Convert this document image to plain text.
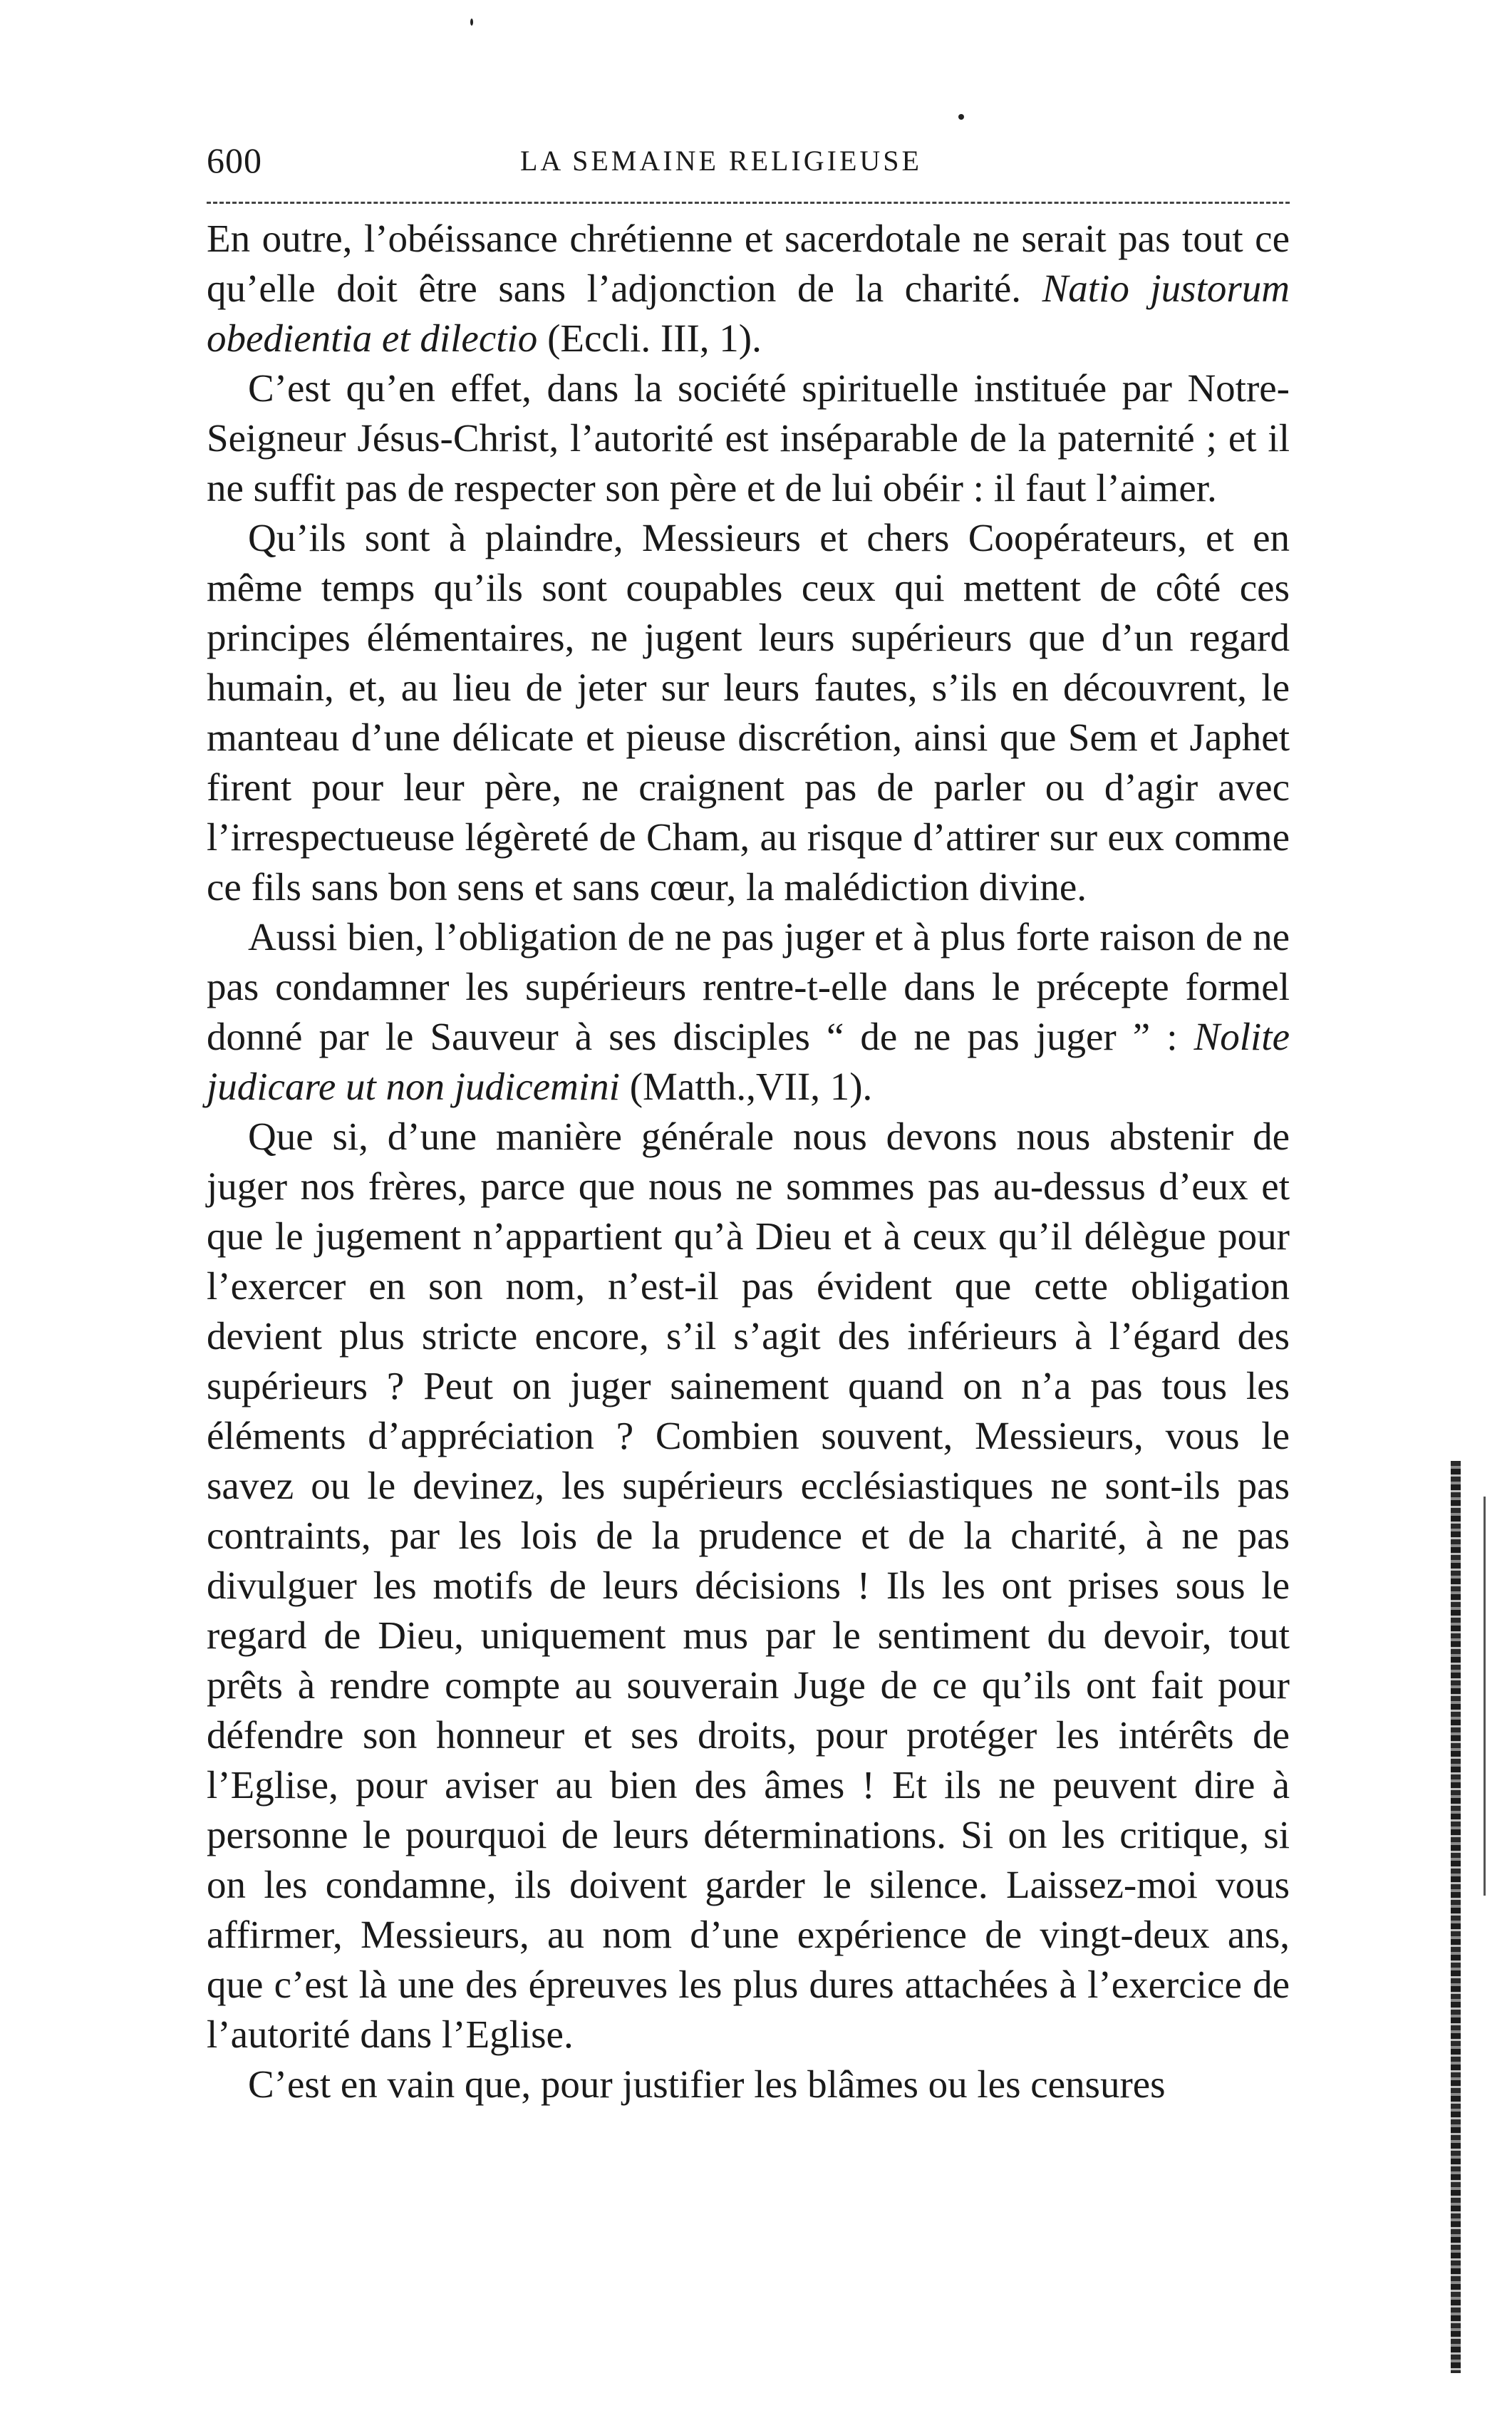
600	LA SEMAINE RELIGIEUSE

En outre, l’obéissance chrétienne et sacerdotale ne serait pas tout ce qu’elle doit être sans l’adjonction de la charité. Natio justorum obedientia et dilectio (Eccli. III, 1).

C’est qu’en effet, dans la société spirituelle instituée par Notre-Seigneur Jésus-Christ, l’autorité est inséparable de la paternité ; et il ne suffit pas de respecter son père et de lui obéir : il faut l’aimer.

Qu’ils sont à plaindre, Messieurs et chers Coopérateurs, et en même temps qu’ils sont coupables ceux qui mettent de côté ces principes élémentaires, ne jugent leurs supérieurs que d’un regard humain, et, au lieu de jeter sur leurs fautes, s’ils en découvrent, le manteau d’une délicate et pieuse discrétion, ainsi que Sem et Japhet firent pour leur père, ne craignent pas de parler ou d’agir avec l’irrespectueuse légèreté de Cham, au risque d’attirer sur eux comme ce fils sans bon sens et sans cœur, la malédiction divine.

Aussi bien, l’obligation de ne pas juger et à plus forte raison de ne pas condamner les supérieurs rentre-t-elle dans le précepte formel donné par le Sauveur à ses disciples “ de ne pas juger ” : Nolite judicare ut non judicemini (Matth.,VII, 1).

Que si, d’une manière générale nous devons nous abstenir de juger nos frères, parce que nous ne sommes pas au-dessus d’eux et que le jugement n’appartient qu’à Dieu et à ceux qu’il délègue pour l’exercer en son nom, n’est-il pas évident que cette obligation devient plus stricte encore, s’il s’agit des inférieurs à l’égard des supérieurs ? Peut on juger sainement quand on n’a pas tous les éléments d’appréciation ? Combien souvent, Messieurs, vous le savez ou le devinez, les supérieurs ecclésiastiques ne sont-ils pas contraints, par les lois de la prudence et de la charité, à ne pas divulguer les motifs de leurs décisions ! Ils les ont prises sous le regard de Dieu, uniquement mus par le sentiment du devoir, tout prêts à rendre compte au souverain Juge de ce qu’ils ont fait pour défendre son honneur et ses droits, pour protéger les intérêts de l’Eglise, pour aviser au bien des âmes ! Et ils ne peuvent dire à personne le pourquoi de leurs déterminations. Si on les critique, si on les condamne, ils doivent garder le silence. Laissez-moi vous affirmer, Messieurs, au nom d’une expérience de vingt-deux ans, que c’est là une des épreuves les plus dures attachées à l’exercice de l’autorité dans l’Eglise.

C’est en vain que, pour justifier les blâmes ou les censures
